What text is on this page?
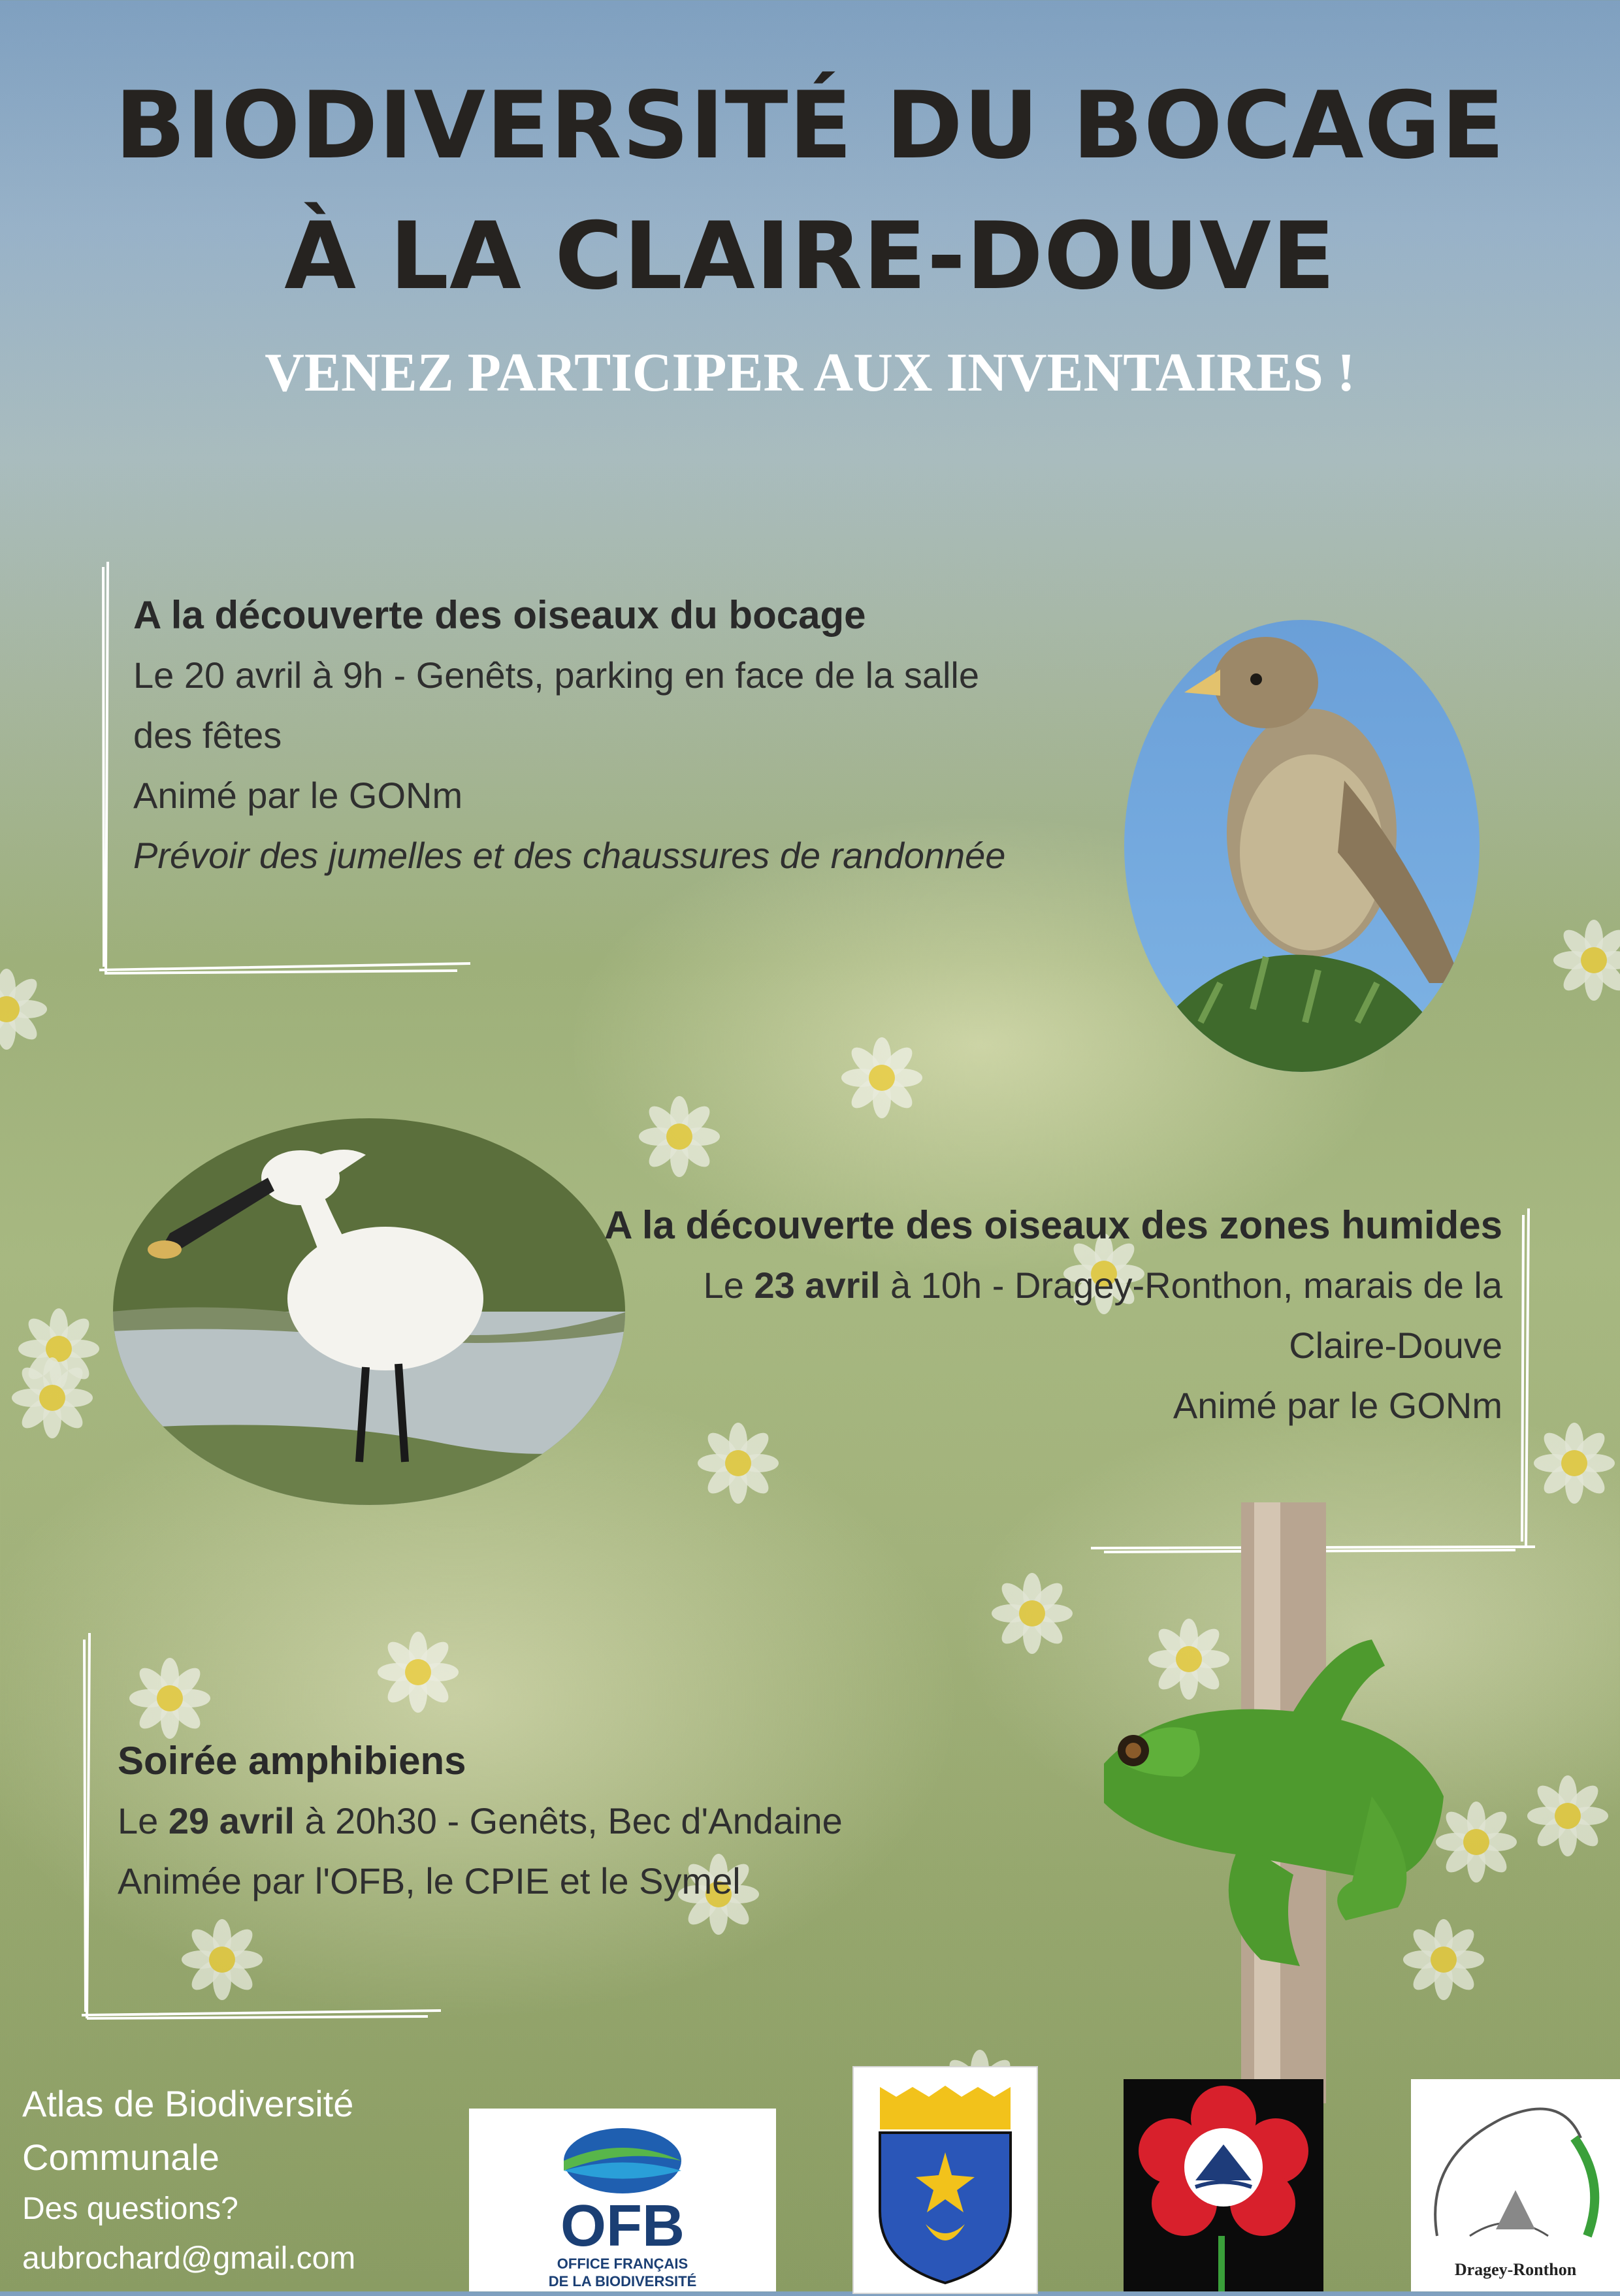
BIODIVERSITÉ DU BOCAGE
À LA CLAIRE-DOUVE
VENEZ PARTICIPER AUX INVENTAIRES !
A la découverte des oiseaux du bocage

Le 20 avril à 9h - Genêts, parking en face de la salle des fêtes

Animé par le GONm

Prévoir des jumelles et des chaussures de randonnée

A la découverte des oiseaux des zones humides

Le 23 avril à 10h - Dragey-Ronthon, marais de la Claire-Douve

Animé par le GONm

Soirée amphibiens

Le 29 avril à 20h30 - Genêts, Bec d'Andaine

Animée par l'OFB, le CPIE et le Symel

Atlas de Biodiversité Communale
Des questions?
aubrochard@gmail.com	OFB
OFFICE FRANÇAIS
DE LA BIODIVERSITÉ
Dragey-Ronthon
